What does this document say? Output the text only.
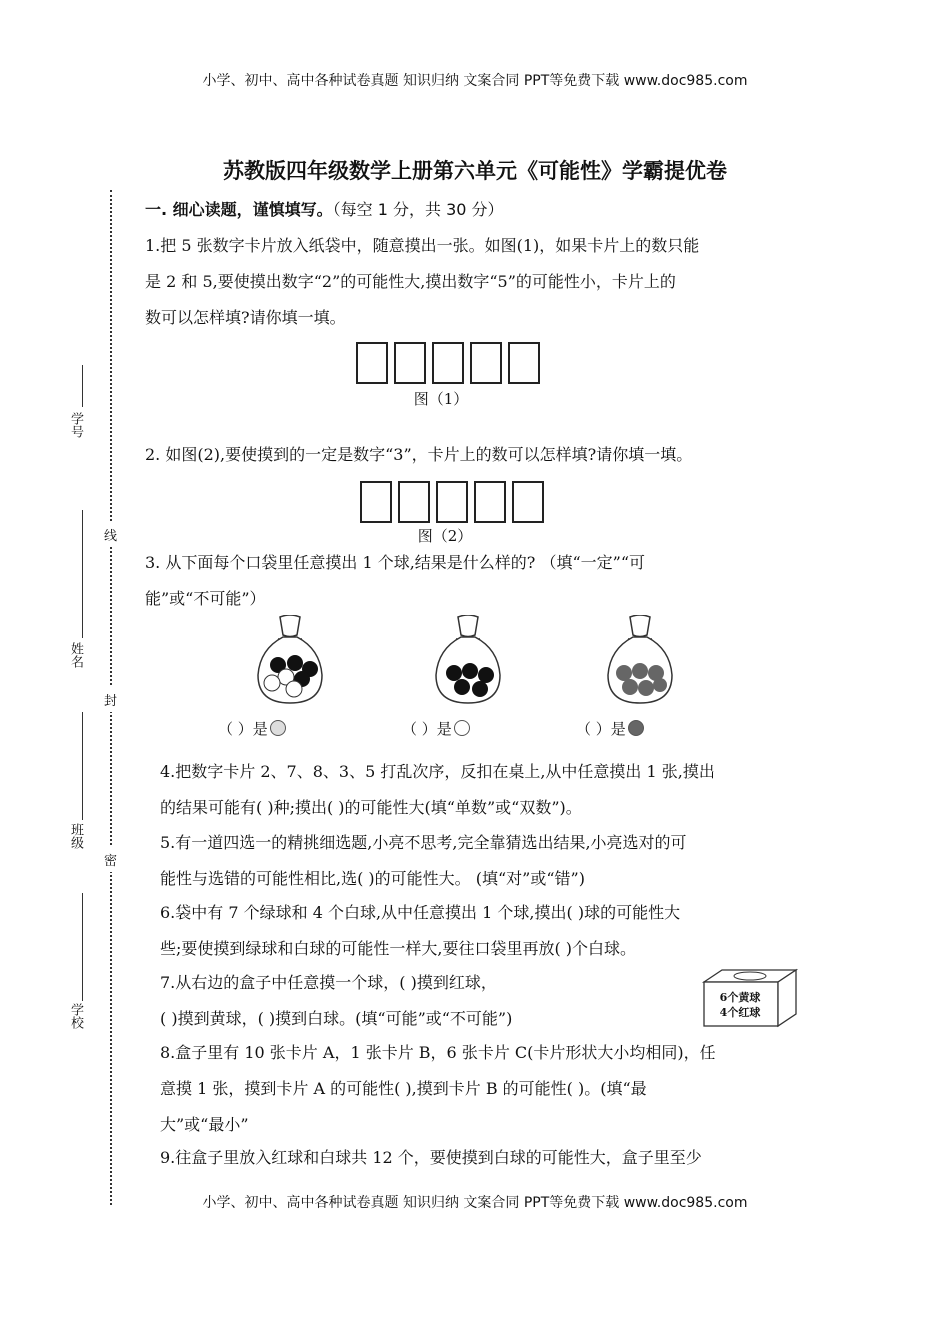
小学、初中、高中各种试卷真题 知识归纳 文案合同 PPT等免费下载 www.doc985.com
小学、初中、高中各种试卷真题 知识归纳 文案合同 PPT等免费下载 www.doc985.com
线
封
密
学号
姓名
班级
学校
苏教版四年级数学上册第六单元《可能性》学霸提优卷
一. 细心读题，谨慎填写。（每空 1 分，共 30 分）
1.把 5 张数字卡片放入纸袋中，随意摸出一张。如图(1)，如果卡片上的数只能
是 2 和 5,要使摸出数字“2”的可能性大,摸出数字“5”的可能性小，卡片上的
数可以怎样填?请你填一填。
图（1）
2. 如图(2),要使摸到的一定是数字“3”，卡片上的数可以怎样填?请你填一填。
图（2）
3. 从下面每个口袋里任意摸出 1 个球,结果是什么样的? （填“一定”“可
能”或“不可能”）
（ ）是	（ ）是	（ ）是
4.把数字卡片 2、7、8、3、5 打乱次序，反扣在桌上,从中任意摸出 1 张,摸出
的结果可能有( )种;摸出( )的可能性大(填“单数”或“双数”)。
5.有一道四选一的精挑细选题,小亮不思考,完全靠猜选出结果,小亮选对的可
能性与选错的可能性相比,选( )的可能性大。 (填“对”或“错”)
6.袋中有 7 个绿球和 4 个白球,从中任意摸出 1 个球,摸出( )球的可能性大
些;要使摸到绿球和白球的可能性一样大,要往口袋里再放( )个白球。
7.从右边的盒子中任意摸一个球，( )摸到红球，
( )摸到黄球，( )摸到白球。(填“可能”或“不可能”)
6个黄球
4个红球
8.盒子里有 10 张卡片 A，1 张卡片 B，6 张卡片 C(卡片形状大小均相同)，任
意摸 1 张，摸到卡片 A 的可能性( ),摸到卡片 B 的可能性( )。(填“最
大”或“最小”
9.往盒子里放入红球和白球共 12 个，要使摸到白球的可能性大，盒子里至少
